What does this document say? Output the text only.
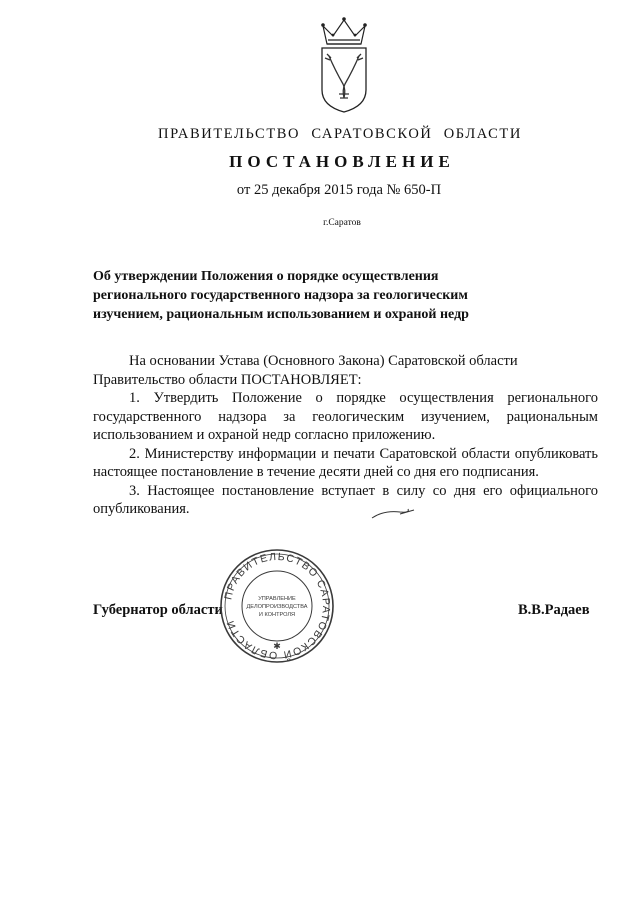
ПРАВИТЕЛЬСТВО САРАТОВСКОЙ ОБЛАСТИ
ПОСТАНОВЛЕНИЕ
от 25 декабря 2015 года № 650-П
г.Саратов
Об утверждении Положения о порядке осуществления
регионального государственного надзора за геологическим
изучением, рациональным использованием и охраной недр

На основании Устава (Основного Закона) Саратовской области

Правительство области ПОСТАНОВЛЯЕТ:

1. Утвердить Положение о порядке осуществления регионального государственного надзора за геологическим изучением, рациональным использованием и охраной недр согласно приложению.

2. Министерству информации и печати Саратовской области опубликовать настоящее постановление в течение десяти дней со дня его подписания.

3. Настоящее постановление вступает в силу со дня его официального опубликования.

Губернатор области	В.В.Радаев
ПРАВИТЕЛЬСТВО САРАТОВСКОЙ ОБЛАСТИ
УПРАВЛЕНИЕ
ДЕЛОПРОИЗВОДСТВА
И КОНТРОЛЯ
✱
